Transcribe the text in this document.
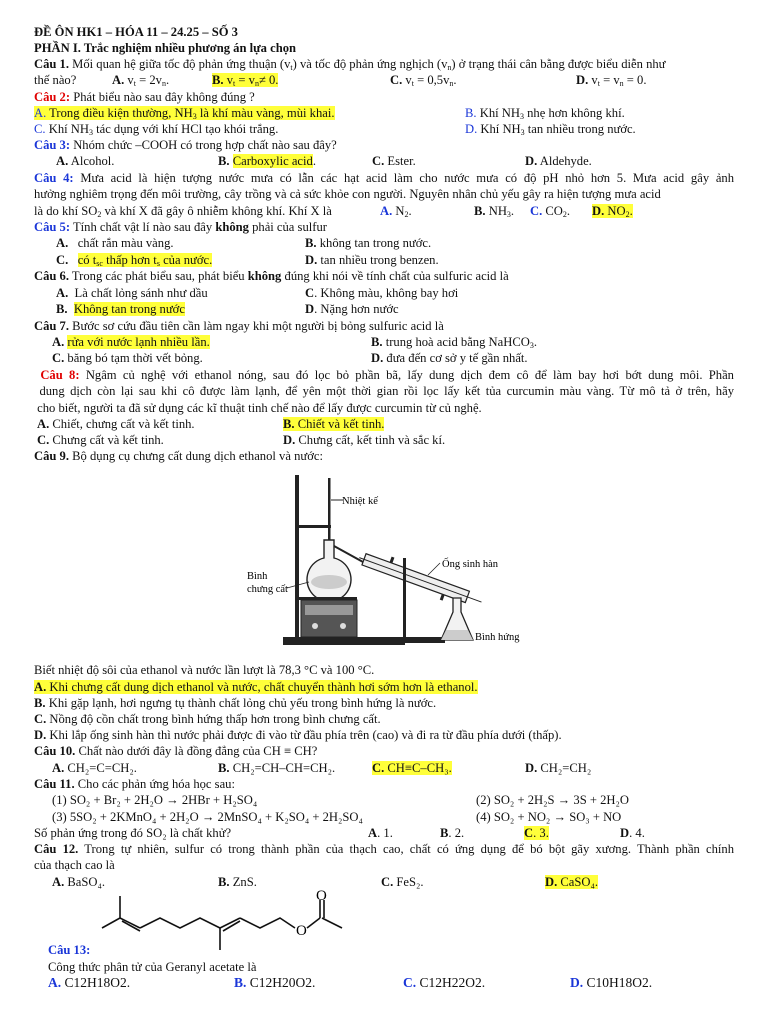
ĐỀ ÔN HK1 – HÓA 11 – 24.25 – SỐ 3
PHẦN I. Trắc nghiệm nhiều phương án lựa chọn
Câu 1. Mối quan hệ giữa tốc độ phản ứng thuận $(v_t)$ và tốc độ phản ứng nghịch $(v_n)$ ở trạng thái cân bằng được biểu diễn như
thế nào?	A. $v_t = 2v_n$.	B. $v_t = v_n\ne 0$.	C. $v_t = 0,5v_n$.	D. $v_t = v_n = 0$.
Câu 2: Phát biểu nào sau đây không đúng ?
A. Trong điều kiện thường, $NH_3$ là khí màu vàng, mùi khai.	B. Khí $NH_3$ nhẹ hơn không khí.
C. Khí $NH_3$ tác dụng với khí HCl tạo khói trắng.	D. Khí $NH_3$ tan nhiều trong nước.
Câu 3: Nhóm chức –COOH có trong hợp chất nào sau đây?
A. Alcohol.	B. Carboxylic acid.	C. Ester.	D. Aldehyde.
Câu 4: Mưa acid là hiện tượng nước mưa có lẫn các hạt acid làm cho nước mưa có độ pH nhỏ hơn 5. Mưa acid gây ảnh
hưởng nghiêm trọng đến môi trường, cây trồng và cả sức khỏe con người. Nguyên nhân chủ yếu gây ra hiện tượng mưa acid
là do khí $SO_2$ và khí X đã gây ô nhiễm không khí. Khí X là	A. $N_2$.	B. $NH_3$. C. $CO_2$. D. $NO_2$.
Câu 5: Tính chất vật lí nào sau đây không phải của sulfur
A. chất rắn màu vàng.	B. không tan trong nước.
C. có $t_{sc}$ thấp hơn $t_s$ của nước.	D. tan nhiều trong benzen.
Câu 6. Trong các phát biểu sau, phát biểu không đúng khi nói về tính chất của sulfuric acid là
A. Là chất lỏng sánh như dầu	C. Không màu, không bay hơi
B. Không tan trong nước	D. Nặng hơn nước
Câu 7. Bước sơ cứu đầu tiên cần làm ngay khi một người bị bỏng sulfuric acid là
A. rửa với nước lạnh nhiều lần.	B. trung hoà acid bằng NaHCO$_3$.
C. băng bó tạm thời vết bỏng.	D. đưa đến cơ sở y tế gần nhất.
Câu 8: Ngâm củ nghệ với ethanol nóng, sau đó lọc bỏ phần bã, lấy dung dịch đem cô để làm bay hơi bớt dung môi. Phần
dung dịch còn lại sau khi cô được làm lạnh, để yên một thời gian rồi lọc lấy kết tủa curcumin màu vàng. Từ mô tả ở trên, hãy
cho biết, người ta đã sử dụng các kĩ thuật tinh chế nào để lấy được curcumin từ củ nghệ.
A. Chiết, chưng cất và kết tinh.	B. Chiết và kết tinh.
C. Chưng cất và kết tinh.	D. Chưng cất, kết tinh và sắc kí.
Câu 9. Bộ dụng cụ chưng cất dung dịch ethanol và nước:
Nhiệt kế
Ống sinh hàn
Bình
chưng cất
Bình hứng
Biết nhiệt độ sôi của ethanol và nước lần lượt là 78,3 °C và 100 °C.
A. Khi chưng cất dung dịch ethanol và nước, chất chuyển thành hơi sớm hơn là ethanol.
B. Khi gặp lạnh, hơi ngưng tụ thành chất lỏng chủ yếu trong bình hứng là nước.
C. Nồng độ cồn chất trong bình hứng thấp hơn trong bình chưng cất.
D. Khi lắp ống sinh hàn thì nước phải được đi vào từ đầu phía trên (cao) và đi ra từ đầu phía dưới (thấp).
Câu 10. Chất nào dưới đây là đồng đẳng của CH ≡ CH?
A. CH₂=C=CH₂.	B. CH₂=CH–CH=CH₂.	C. CH≡C–CH₃.	D. CH₂=CH₂
Câu 11. Cho các phản ứng hóa học sau:
(1) SO₂ + Br₂ + 2H₂O → 2HBr + H₂SO₄	(2) SO₂ + 2H₂S → 3S + 2H₂O
(3) 5SO₂ + 2KMnO₄ + 2H₂O → 2MnSO₄ + K₂SO₄ + 2H₂SO₄	(4) SO₂ + NO₂ → SO₃ + NO
Số phản ứng trong đó SO₂ là chất khử?	A. 1.	B. 2.	C. 3.	D. 4.
Câu 12. Trong tự nhiên, sulfur có trong thành phần của thạch cao, chất có ứng dụng để bó bột gãy xương. Thành phần chính
của thạch cao là
A. BaSO₄.	B. ZnS.	C. FeS₂.	D. CaSO₄.
O
O
Câu 13:
Công thức phân tử của Geranyl acetate là
A. C12H18O2.	B. C12H20O2.	C. C12H22O2.	D. C10H18O2.
